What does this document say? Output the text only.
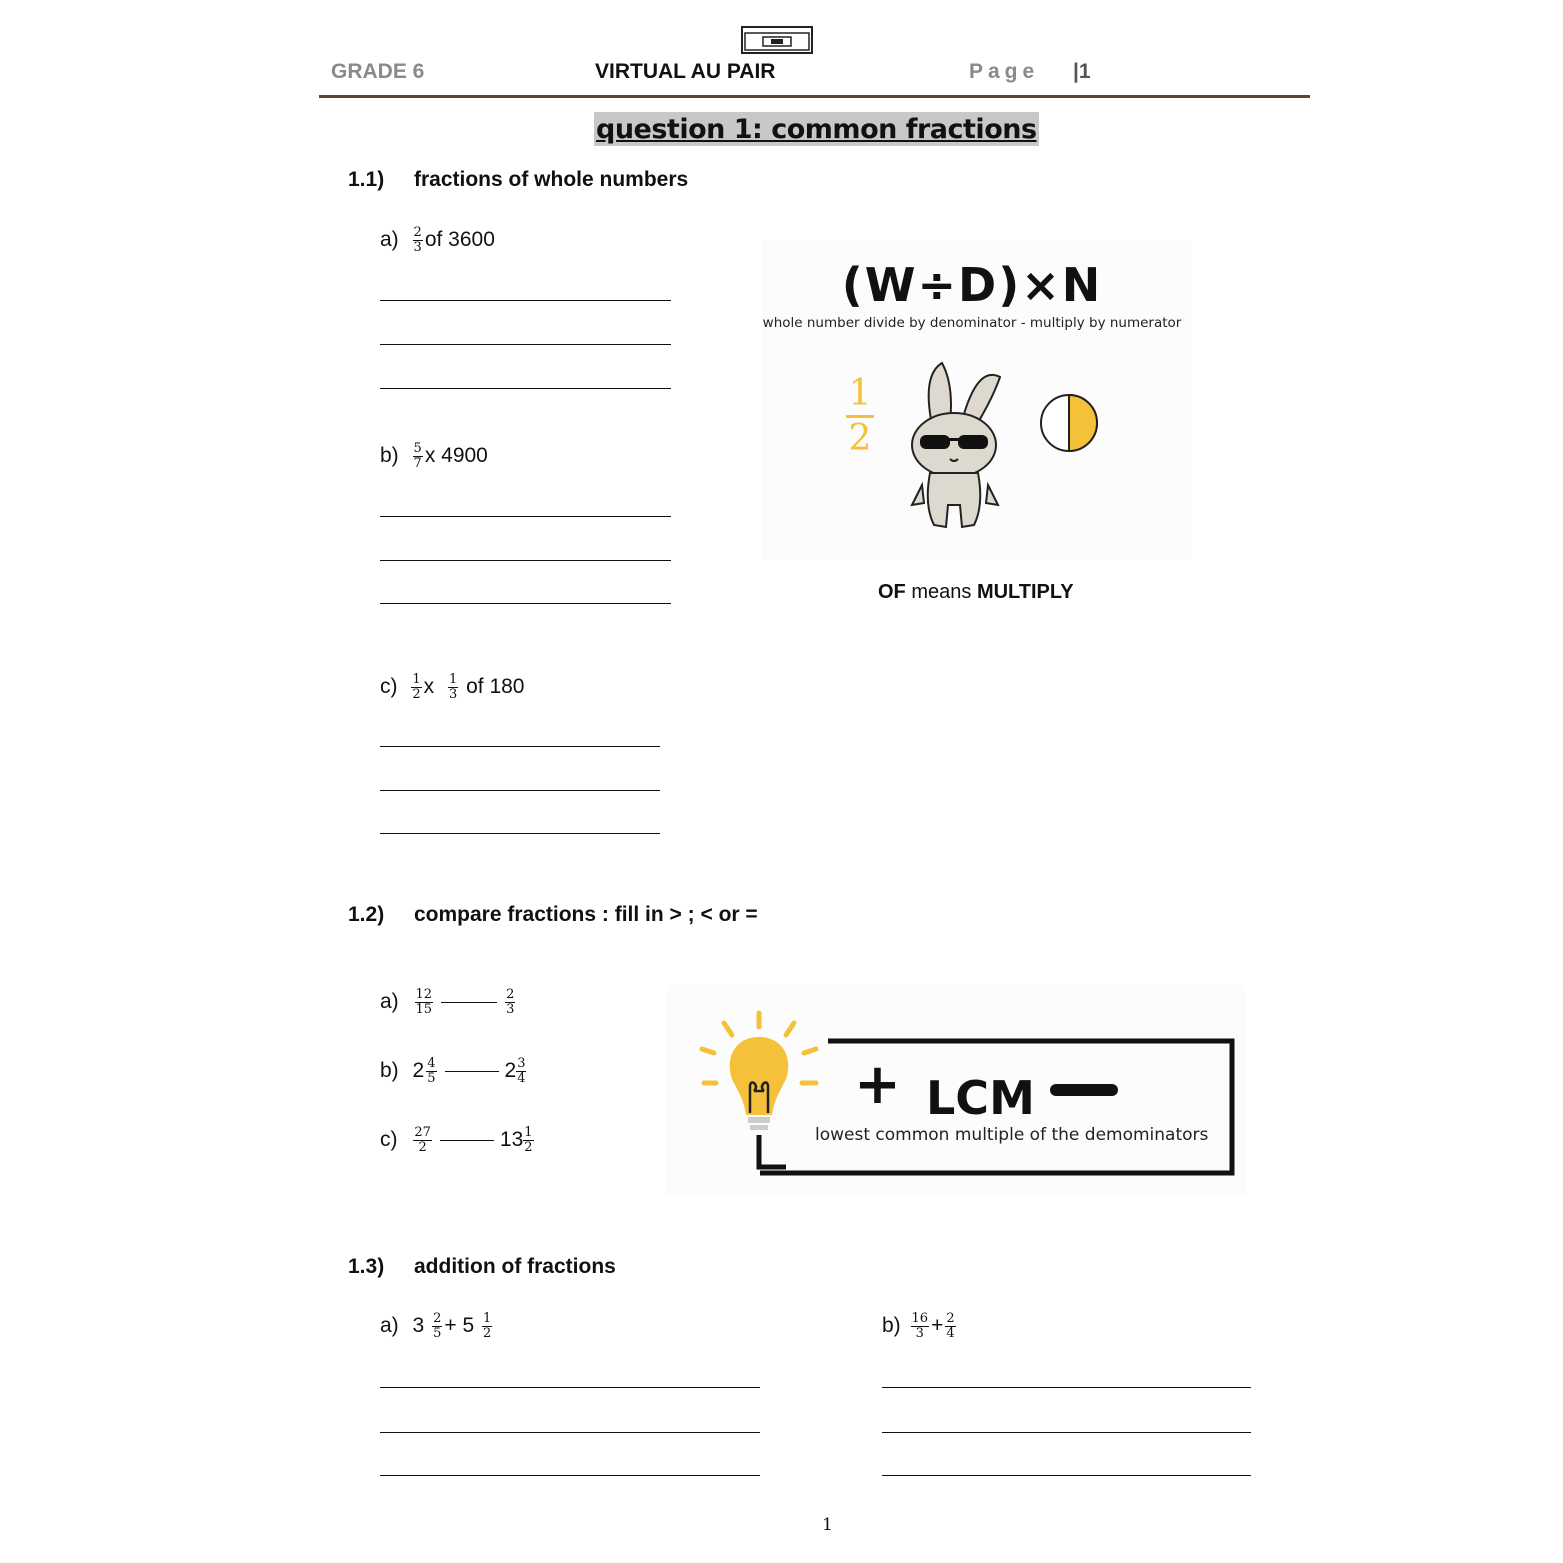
GRADE 6	VIRTUAL AU PAIR	Page |1
question 1: common fractions
1.1) fractions of whole numbers
$a) \frac{2}{3}$ of 3600
$b) \frac{5}{7}$ x 4900
$c) \frac{1}{2}$ x $\frac{1}{3}$ of 180
(W÷D)×N
whole number divide by denominator - multiply by numerator
1
2
OF means MULTIPLY
1.2) compare fractions : fill in > ; < or =
$a) \frac{12}{15}$	$\frac{2}{3}$
b) $2 \frac{4}{5}$	$2 \frac{3}{4}$
$c) \frac{27}{2}$	$13 \frac{1}{2}$
+ LCM
lowest common multiple of the demominators
1.3) addition of fractions
a) $3 \frac{2}{5} + 5 \frac{1}{2}$	$b) \frac{16}{3} + \frac{2}{4}$
1
